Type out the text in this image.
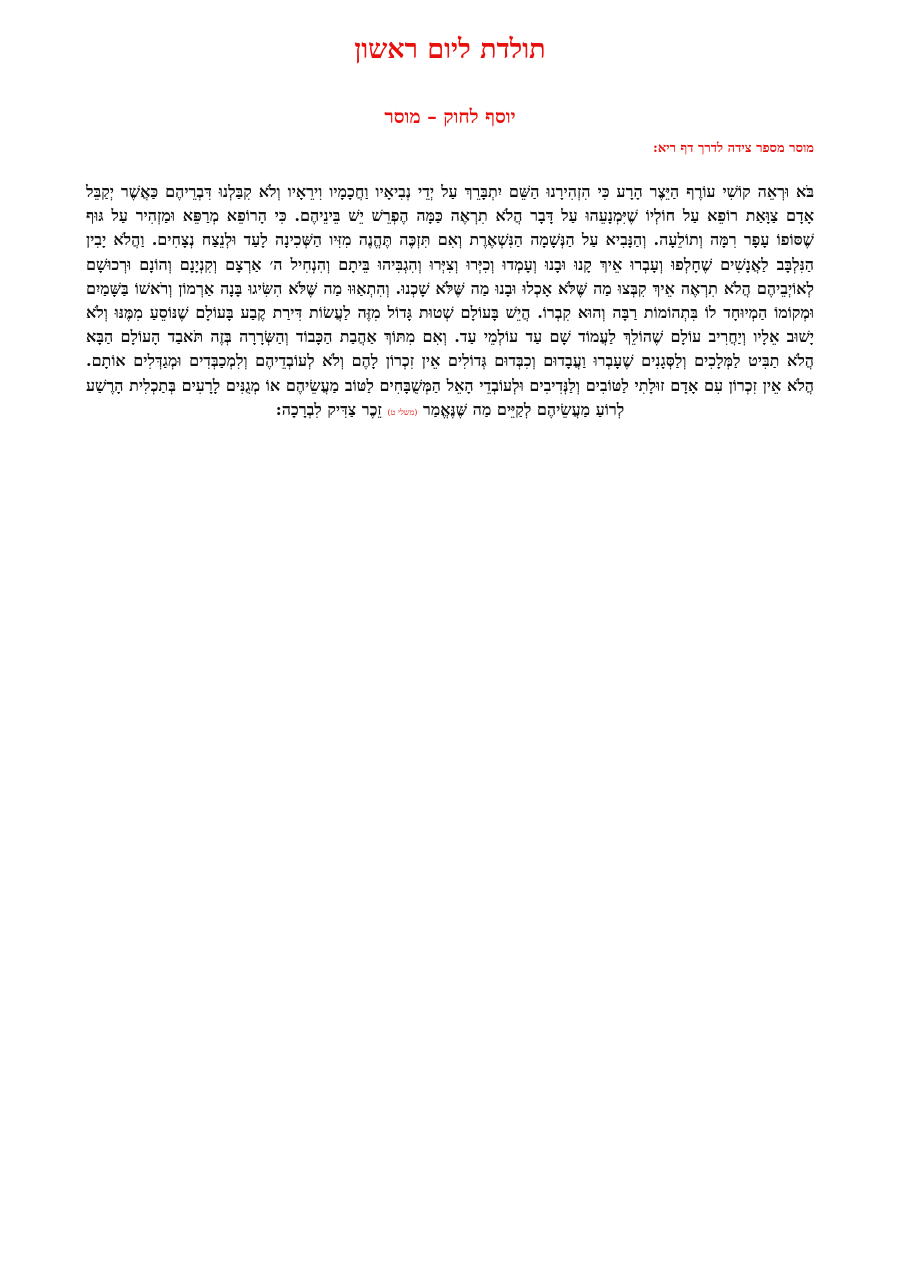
תולדת ליום ראשון
יוסף לחוק – מוסר
מוסר מספר צידה לדרך דף ריא:

בֹּא וּרְאֵה קוֹשִׁי עוֹרֶף הַיֵּצֶר הָרָע כִּי הִזְהִירָנוּ הַשֵּׁם יִתְבָּרֵךְ עַל יְדֵי נְבִיאָיו וַחֲכָמָיו וִירֵאָיו וְלֹא קִבַּלְנוּ דִּבְרֵיהֶם כַּאֲשֶׁר יְקַבֵּל אָדָם צַוָּאַת רוֹפֵא עַל חוֹלְיוֹ שֶׁיִּמְנָעֵהוּ עַל דָּבָר הֲלֹא תִרְאֶה כַּמָּה הֶפְרֵשׁ יֵשׁ בֵּינֵיהֶם. כִּי הָרוֹפֵא מְרַפֵּא וּמַזְהִיר עַל גּוּף שֶׁסּוֹפוֹ עָפָר רִמָּה וְתוֹלֵעָה. וְהַנָּבִיא עַל הַנְּשָׁמָה הַנִּשְׁאֶרֶת וְאִם תִּזְכֶּה תֶּהֱנֶה מִזִּיו הַשְּׁכִינָה לָעַד וּלְנֵצַח נְצָחִים. וַהֲלֹא יָבִין הַנִּלְבָּב לַאֲנָשִׁים שֶׁחָלְפוּ וְעָבְרוּ אֵיךְ קָנוּ וּבָנוּ וְעָמְדוּ וְכִיְּרוּ וְצִיְּרוּ וְהִגְבִּיהוּ בֵּיתָם וְהִנְחִיל ה׳ אַרְצָם וְקִנְיָנָם וְהוֹנָם וּרְכוּשָׁם לְאוֹיְבֵיהֶם הֲלֹא תִרְאֶה אֵיךְ קִבְּצוּ מַה שֶּׁלֹּא אָכְלוּ וּבָנוּ מַה שֶּׁלֹּא שָׁכְנוּ. וְהִתְאַוּוּ מַה שֶּׁלֹּא הִשִּׂיגוּ בָּנָה אַרְמוֹן וְרֹאשׁוֹ בַּשָּׁמַיִם וּמְקוֹמוֹ הַמְיוּחָד לוֹ בִּתְהוֹמוֹת רַבָּה וְהוּא קִבְרוֹ. הֲיֵשׁ בָּעוֹלָם שְׁטוּת גָּדוֹל מִזֶּה לַעֲשׂוֹת דִּירַת קֶבַע בָּעוֹלָם שֶׁנּוֹסֵעַ מִמֶּנּוּ וְלֹא יָשׁוּב אֵלָיו וְיַחֲרִיב עוֹלָם שֶׁהוֹלֵךְ לַעֲמוֹד שָׁם עַד עוֹלְמֵי עַד. וְאִם מִתּוֹךְ אַהֲבַת הַכָּבוֹד וְהַשְּׂרָרָה בְּזֶה תֹּאבַד הָעוֹלָם הַבָּא הֲלֹא תַבִּיט לַמְּלָכִים וְלַסְּגָנִים שֶׁעָבְרוּ וַעֲבָדוּם וְכִבְּדוּם גְּדוֹלִים אֵין זִכְרוֹן לָהֶם וְלֹא לְעוֹבְדֵיהֶם וְלִמְכַבְּדִים וּמְגַדְּלִים אוֹתָם. הֲלֹא אֵין זִכְרוֹן עִם אָדָם זוּלָתִי לַטּוֹבִים וְלַנְּדִיבִים וּלְעוֹבְדֵי הָאֵל הַמְּשֻׁבָּחִים לַטּוֹב מַעֲשֵׂיהֶם אוֹ מְגֻנִּים לָרָעִים בְּתַכְלִית הָרֶשַׁע לְרוֹעַ מַעֲשֵׂיהֶם לְקַיֵּים מַה שֶּׁנֶּאֱמַר (משלי ט) זֵכֶר צַדִּיק לִבְרָכָה:
